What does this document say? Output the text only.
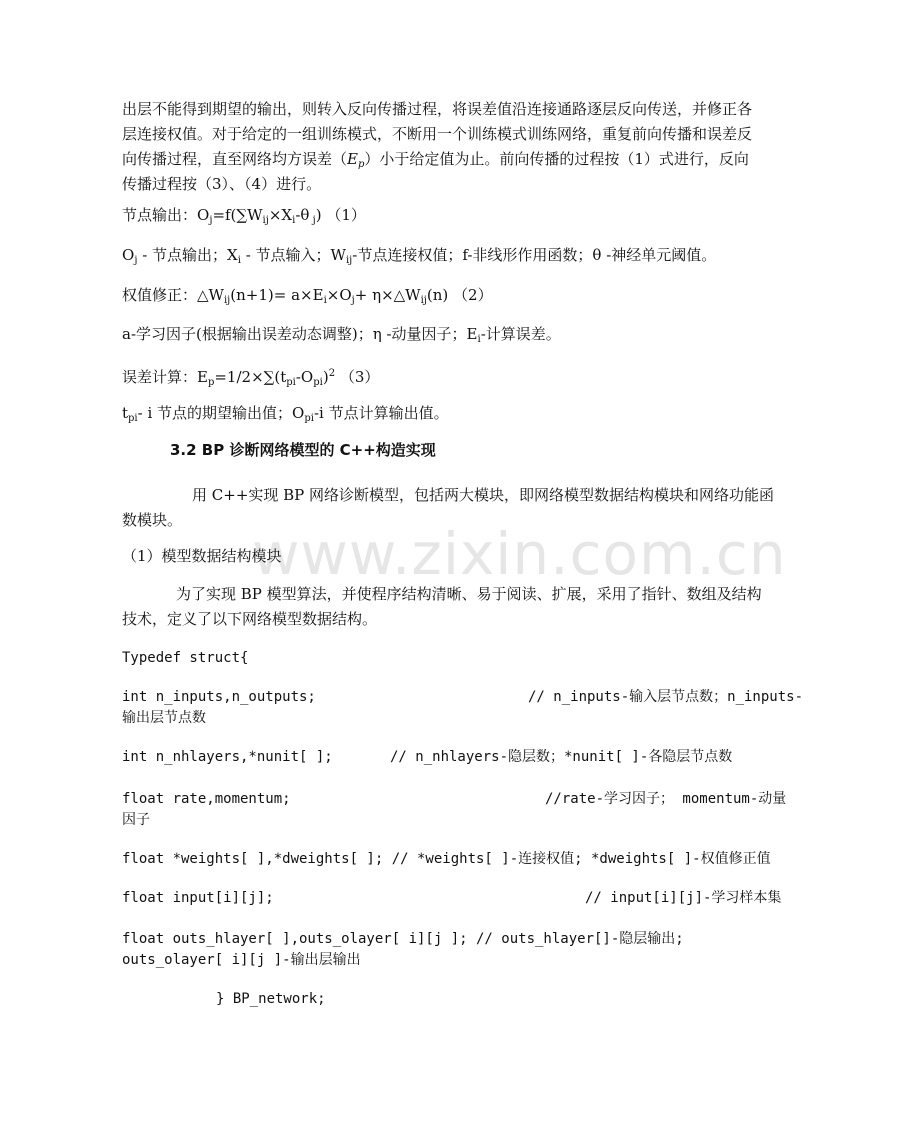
www.zixin.com.cn
出层不能得到期望的输出，则转入反向传播过程，将误差值沿连接通路逐层反向传送，并修正各
层连接权值。对于给定的一组训练模式，不断用一个训练模式训练网络，重复前向传播和误差反
向传播过程，直至网络均方误差$(E_p)$小于给定值为止。前向传播的过程按（1）式进行，反向
传播过程按（3）、（4）进行。
节点输出：$O_j=f(\sum W_{ij}\times X_i-\theta$ $_j$) （1）
$O_j$ - 节点输出；$X_i$ - 节点输入；$W_{ij}-$节点连接权值；f-非线形作用函数；θ -神经单元阈值。
权值修正：$\triangle W_{ij}(n+1)= a\times E_i\times O_j+$ $\eta\times\triangle W_{ij}(n)$ （2）
a-学习因子(根据输出误差动态调整)；η -动量因子；$E_i-$计算误差。
误差计算：$E_p=1/2\times\sum(t_{pi}-O_{pi})^2$ （3）
$t_{pi}-$ i 节点的期望输出值；$O_{pi}-i$ 节点计算输出值。
3.2 BP 诊断网络模型的 C++构造实现
用 C++实现 BP 网络诊断模型，包括两大模块，即网络模型数据结构模块和网络功能函
数模块。
（1）模型数据结构模块
为了实现 BP 模型算法，并使程序结构清晰、易于阅读、扩展，采用了指针、数组及结构
技术，定义了以下网络模型数据结构。
Typedef struct{
int n_inputs,n_outputs;	// n_inputs-输入层节点数；n_inputs-
输出层节点数
int n_nhlayers,*nunit[ ];	// n_nhlayers-隐层数；*nunit[ ]-各隐层节点数
float rate,momentum;	//rate-学习因子； momentum-动量
因子
float *weights[ ],*dweights[ ]; // *weights[ ]-连接权值; *dweights[ ]-权值修正值
float input[i][j];	// input[i][j]-学习样本集
float outs_hlayer[ ],outs_olayer[ i][j ]; // outs_hlayer[]-隐层输出;
outs_olayer[ i][j ]-输出层输出
} BP_network;
